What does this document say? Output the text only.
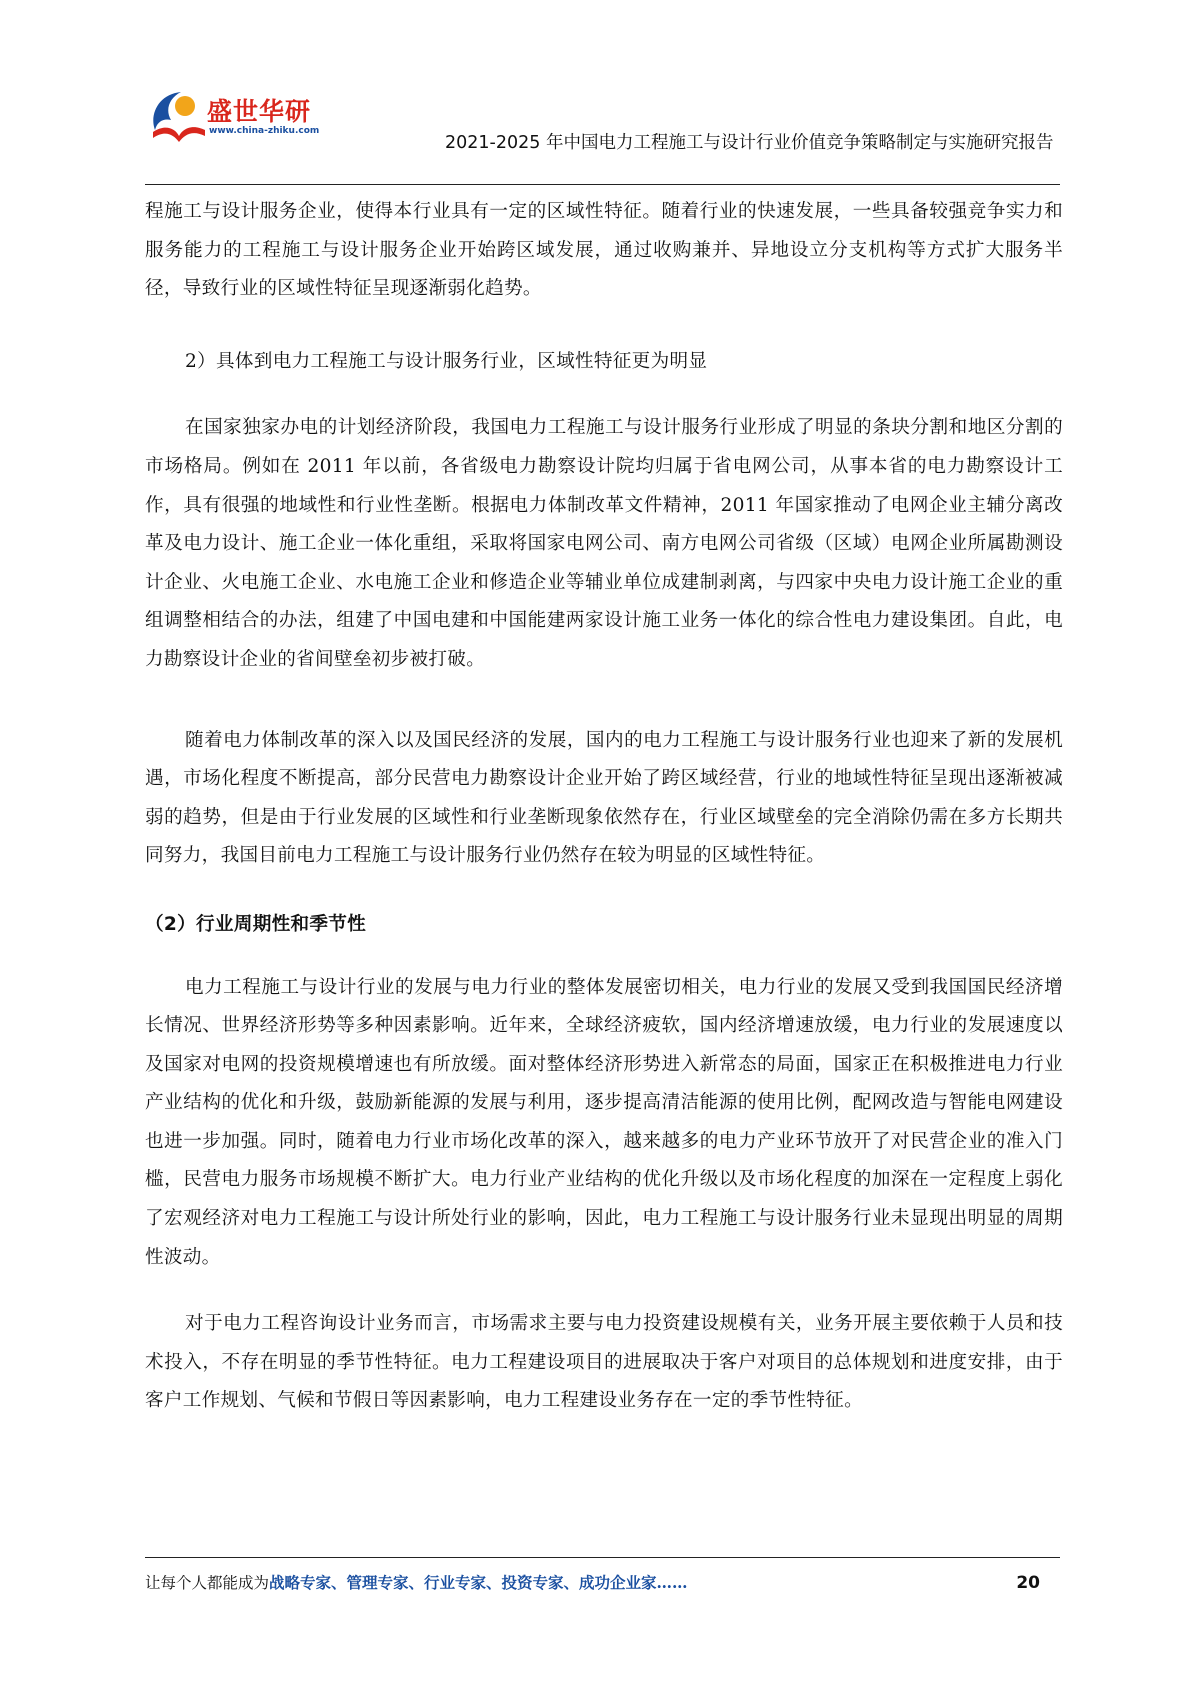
盛世华研
www.china-zhiku.com
2021-2025 年中国电力工程施工与设计行业价值竞争策略制定与实施研究报告

程施工与设计服务企业，使得本行业具有一定的区域性特征。随着行业的快速发展，一些具备较强竞争实力和服务能力的工程施工与设计服务企业开始跨区域发展，通过收购兼并、异地设立分支机构等方式扩大服务半径，导致行业的区域性特征呈现逐渐弱化趋势。

2）具体到电力工程施工与设计服务行业，区域性特征更为明显

在国家独家办电的计划经济阶段，我国电力工程施工与设计服务行业形成了明显的条块分割和地区分割的市场格局。例如在 2011 年以前，各省级电力勘察设计院均归属于省电网公司，从事本省的电力勘察设计工作，具有很强的地域性和行业性垄断。根据电力体制改革文件精神，2011 年国家推动了电网企业主辅分离改革及电力设计、施工企业一体化重组，采取将国家电网公司、南方电网公司省级（区域）电网企业所属勘测设计企业、火电施工企业、水电施工企业和修造企业等辅业单位成建制剥离，与四家中央电力设计施工企业的重组调整相结合的办法，组建了中国电建和中国能建两家设计施工业务一体化的综合性电力建设集团。自此，电力勘察设计企业的省间壁垒初步被打破。

随着电力体制改革的深入以及国民经济的发展，国内的电力工程施工与设计服务行业也迎来了新的发展机遇，市场化程度不断提高，部分民营电力勘察设计企业开始了跨区域经营，行业的地域性特征呈现出逐渐被减弱的趋势，但是由于行业发展的区域性和行业垄断现象依然存在，行业区域壁垒的完全消除仍需在多方长期共同努力，我国目前电力工程施工与设计服务行业仍然存在较为明显的区域性特征。

（2）行业周期性和季节性

电力工程施工与设计行业的发展与电力行业的整体发展密切相关，电力行业的发展又受到我国国民经济增长情况、世界经济形势等多种因素影响。近年来，全球经济疲软，国内经济增速放缓，电力行业的发展速度以及国家对电网的投资规模增速也有所放缓。面对整体经济形势进入新常态的局面，国家正在积极推进电力行业产业结构的优化和升级，鼓励新能源的发展与利用，逐步提高清洁能源的使用比例，配网改造与智能电网建设也进一步加强。同时，随着电力行业市场化改革的深入，越来越多的电力产业环节放开了对民营企业的准入门槛，民营电力服务市场规模不断扩大。电力行业产业结构的优化升级以及市场化程度的加深在一定程度上弱化了宏观经济对电力工程施工与设计所处行业的影响，因此，电力工程施工与设计服务行业未显现出明显的周期性波动。

对于电力工程咨询设计业务而言，市场需求主要与电力投资建设规模有关，业务开展主要依赖于人员和技术投入，不存在明显的季节性特征。电力工程建设项目的进展取决于客户对项目的总体规划和进度安排，由于客户工作规划、气候和节假日等因素影响，电力工程建设业务存在一定的季节性特征。

让每个人都能成为战略专家、管理专家、行业专家、投资专家、成功企业家……	20
